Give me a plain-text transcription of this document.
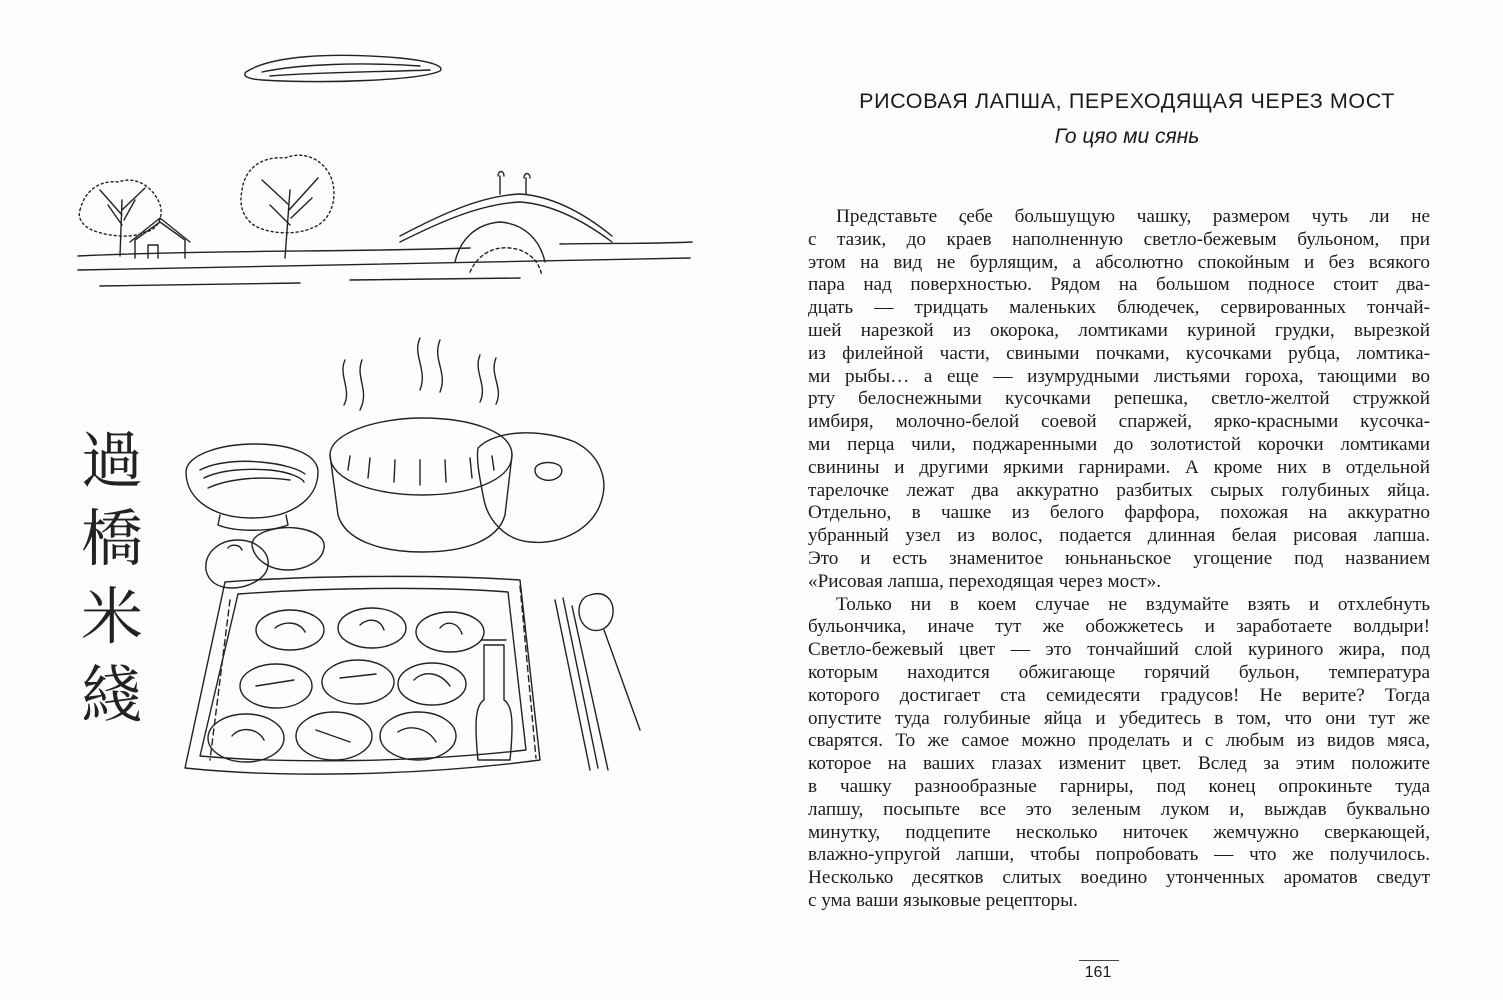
過
橋
米
綫
РИСОВАЯ ЛАПША, ПЕРЕХОДЯЩАЯ ЧЕРЕЗ МОСТ

Го цяо ми сянь

Представьте ςебе большущую чашку, размером чуть ли не
с тазик, до краев наполненную светло-бежевым бульоном, при
этом на вид не бурлящим, а абсолютно спокойным и без всякого
пара над поверхностью. Рядом на большом подносе стоит два-
дцать — тридцать маленьких блюдечек, сервированных тончай-
шей нарезкой из окорока, ломтиками куриной грудки, вырезкой
из филейной части, свиными почками, кусочками рубца, ломтика-
ми рыбы… а еще — изумрудными листьями гороха, тающими во
рту белоснежными кусочками репешка, светло-желтой стружкой
имбиря, молочно-белой соевой спаржей, ярко-красными кусочка-
ми перца чили, поджаренными до золотистой корочки ломтиками
свинины и другими яркими гарнирами. А кроме них в отдельной
тарелочке лежат два аккуратно разбитых сырых голубиных яйца.
Отдельно, в чашке из белого фарфора, похожая на аккуратно
убранный узел из волос, подается длинная белая рисовая лапша.
Это и есть знаменитое юньнаньское угощение под названием
«Рисовая лапша, переходящая через мост».
Только ни в коем случае не вздумайте взять и отхлебнуть
бульончика, иначе тут же обожжетесь и заработаете волдыри!
Светло-бежевый цвет — это тончайший слой куриного жира, под
которым находится обжигающе горячий бульон, температура
которого достигает ста семидесяти градусов! Не верите? Тогда
опустите туда голубиные яйца и убедитесь в том, что они тут же
сварятся. То же самое можно проделать и с любым из видов мяса,
которое на ваших глазах изменит цвет. Вслед за этим положите
в чашку разнообразные гарниры, под конец опрокиньте туда
лапшу, посыпьте все это зеленым луком и, выждав буквально
минутку, подцепите несколько ниточек жемчужно сверкающей,
влажно-упругой лапши, чтобы попробовать — что же получилось.
Несколько десятков слитых воедино утонченных ароматов сведут
с ума ваши языковые рецепторы.
161
